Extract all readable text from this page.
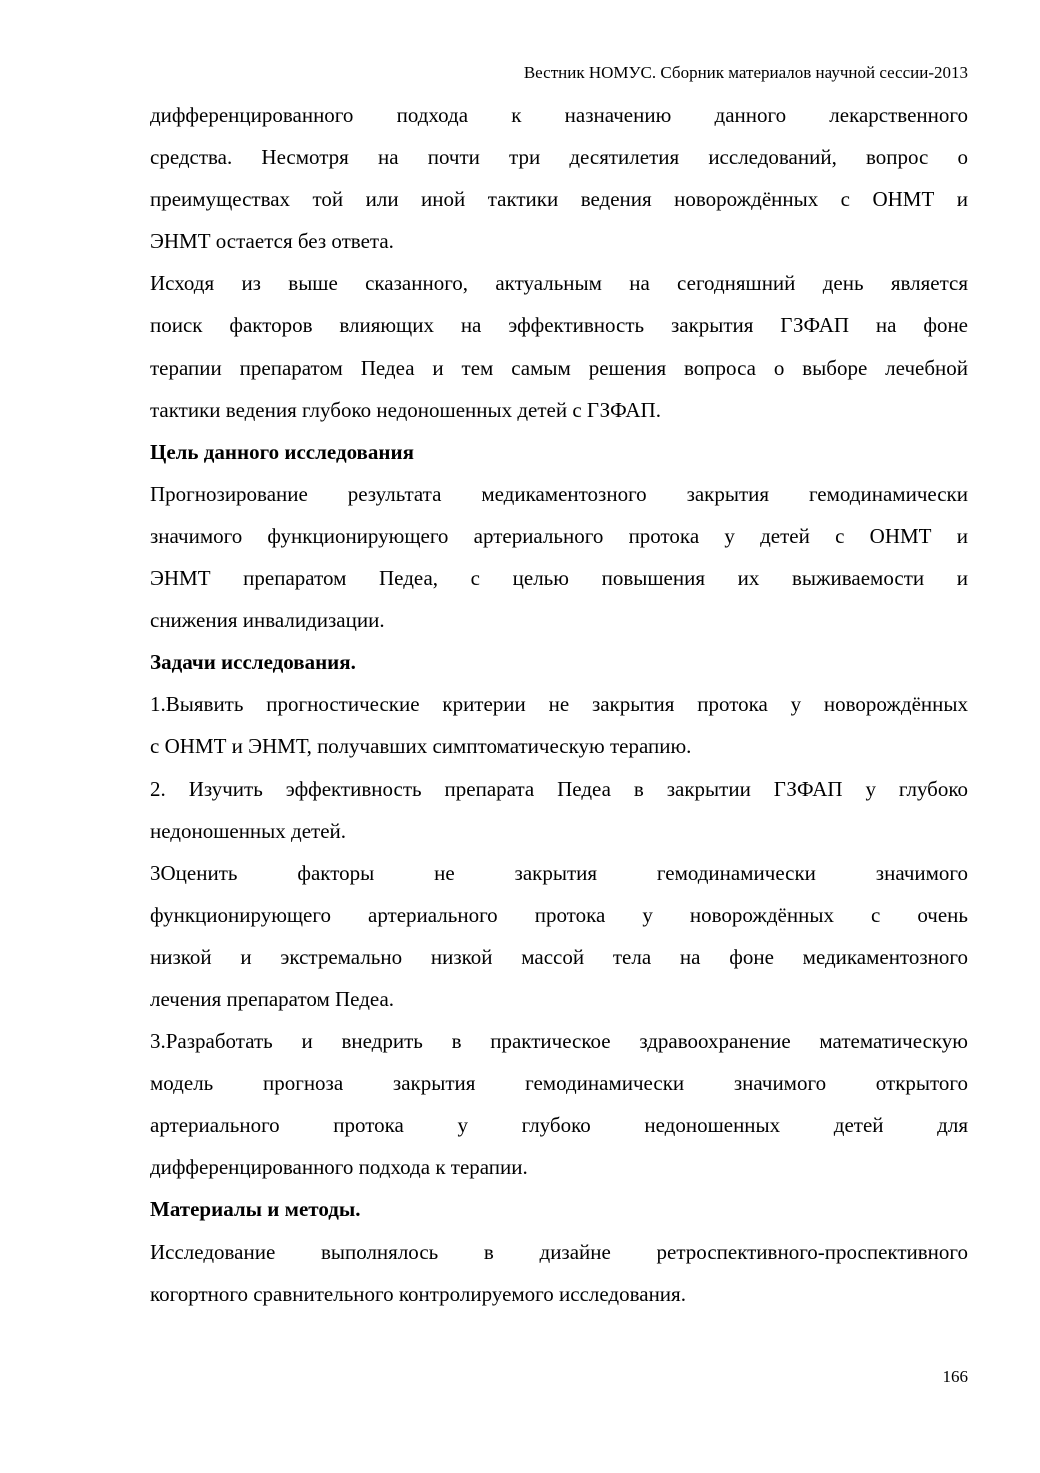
Вестник НОМУС. Сборник материалов научной сессии-2013
дифференцированного подхода к назначению данного лекарственного
средства. Несмотря на почти три десятилетия исследований, вопрос о
преимуществах той или иной тактики ведения новорождённых с ОНМТ и
ЭНМТ остается без ответа.
Исходя из выше сказанного, актуальным на сегодняшний день является
поиск факторов влияющих на эффективность закрытия ГЗФАП на фоне
терапии препаратом Педеа и тем самым решения вопроса о выборе лечебной
тактики ведения глубоко недоношенных детей с ГЗФАП.
Цель данного исследования
Прогнозирование результата медикаментозного закрытия гемодинамически
значимого функционирующего артериального протока у детей с ОНМТ и
ЭНМТ препаратом Педеа, с целью повышения их выживаемости и
снижения инвалидизации.
Задачи исследования.
1.Выявить прогностические критерии не закрытия протока у новорождённых
с ОНМТ и ЭНМТ, получавших симптоматическую терапию.
2. Изучить эффективность препарата Педеа в закрытии ГЗФАП у глубоко
недоношенных детей.
3Оценить факторы не закрытия гемодинамически значимого
функционирующего артериального протока у новорождённых с очень
низкой и экстремально низкой массой тела на фоне медикаментозного
лечения препаратом Педеа.
3.Разработать и внедрить в практическое здравоохранение математическую
модель прогноза закрытия гемодинамически значимого открытого
артериального протока у глубоко недоношенных детей для
дифференцированного подхода к терапии.
Материалы и методы.
Исследование выполнялось в дизайне ретроспективного-проспективного
когортного сравнительного контролируемого исследования.
166
